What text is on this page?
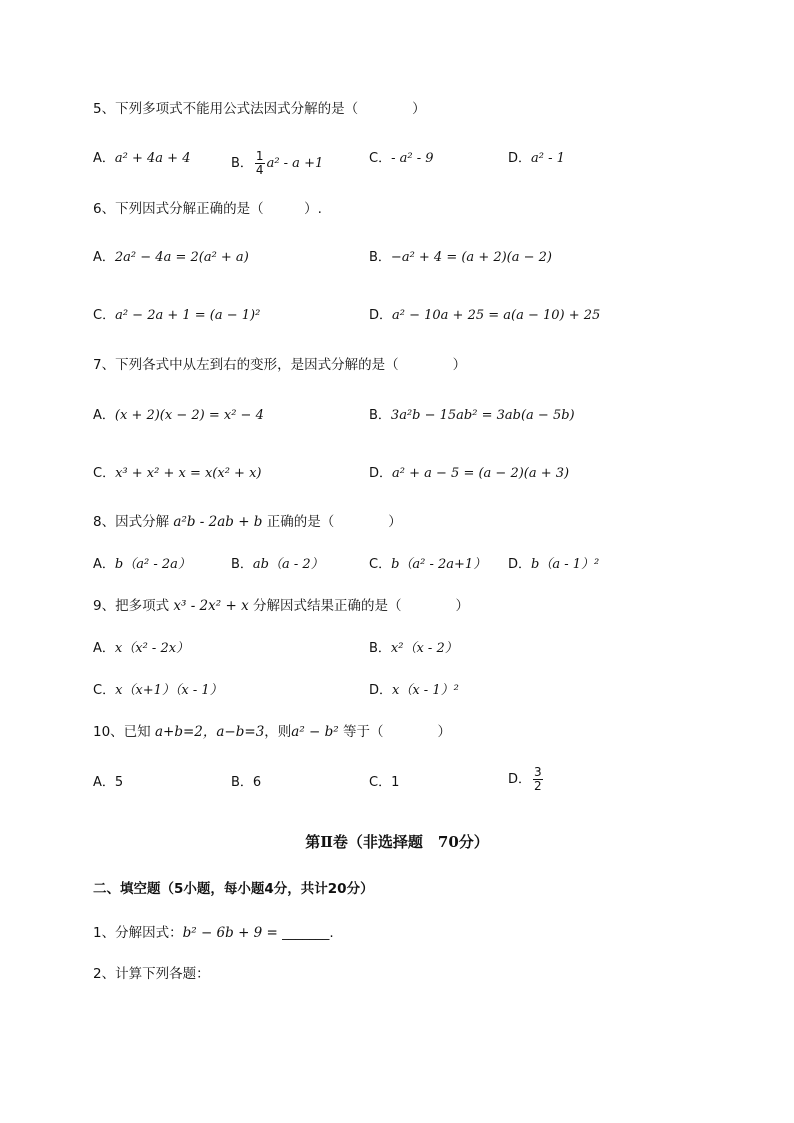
5、下列多项式不能用公式法因式分解的是（　　　　）
A．a² + 4a + 4	B． $\frac{1}{4} a^2 - a +1$	C．- a² - 9	D．a² - 1
6、下列因式分解正确的是（　　　）.
A．2a² − 4a = 2(a² + a)	B．−a² + 4 = (a + 2)(a − 2)
C．a² − 2a + 1 = (a − 1)²	D．a² − 10a + 25 = a(a − 10) + 25
7、下列各式中从左到右的变形，是因式分解的是（　　　　）
A．(x + 2)(x − 2) = x² − 4	B．3a²b − 15ab² = 3ab(a − 5b)
C．x³ + x² + x = x(x² + x)	D．a² + a − 5 = (a − 2)(a + 3)
8、因式分解 a²b - 2ab + b 正确的是（　　　　）
A．b（a² - 2a）	B．ab（a - 2）	C．b（a² - 2a+1） D．b（a - 1）²
9、把多项式 x³ - 2x² + x 分解因式结果正确的是（　　　　）
A．x（x² - 2x）	B．x²（x - 2）
C．x（x+1）（x - 1）	D．x（x - 1）²
10、已知 a+b=2，a−b=3，则a² − b² 等于（　　　　）
A．5	B．6	C．1	D． $\frac{3}{2}$
第Ⅱ卷（非选择题　70分）
二、填空题（5小题，每小题4分，共计20分）
1、分解因式：b² − 6b + 9 = _______.
2、计算下列各题：
